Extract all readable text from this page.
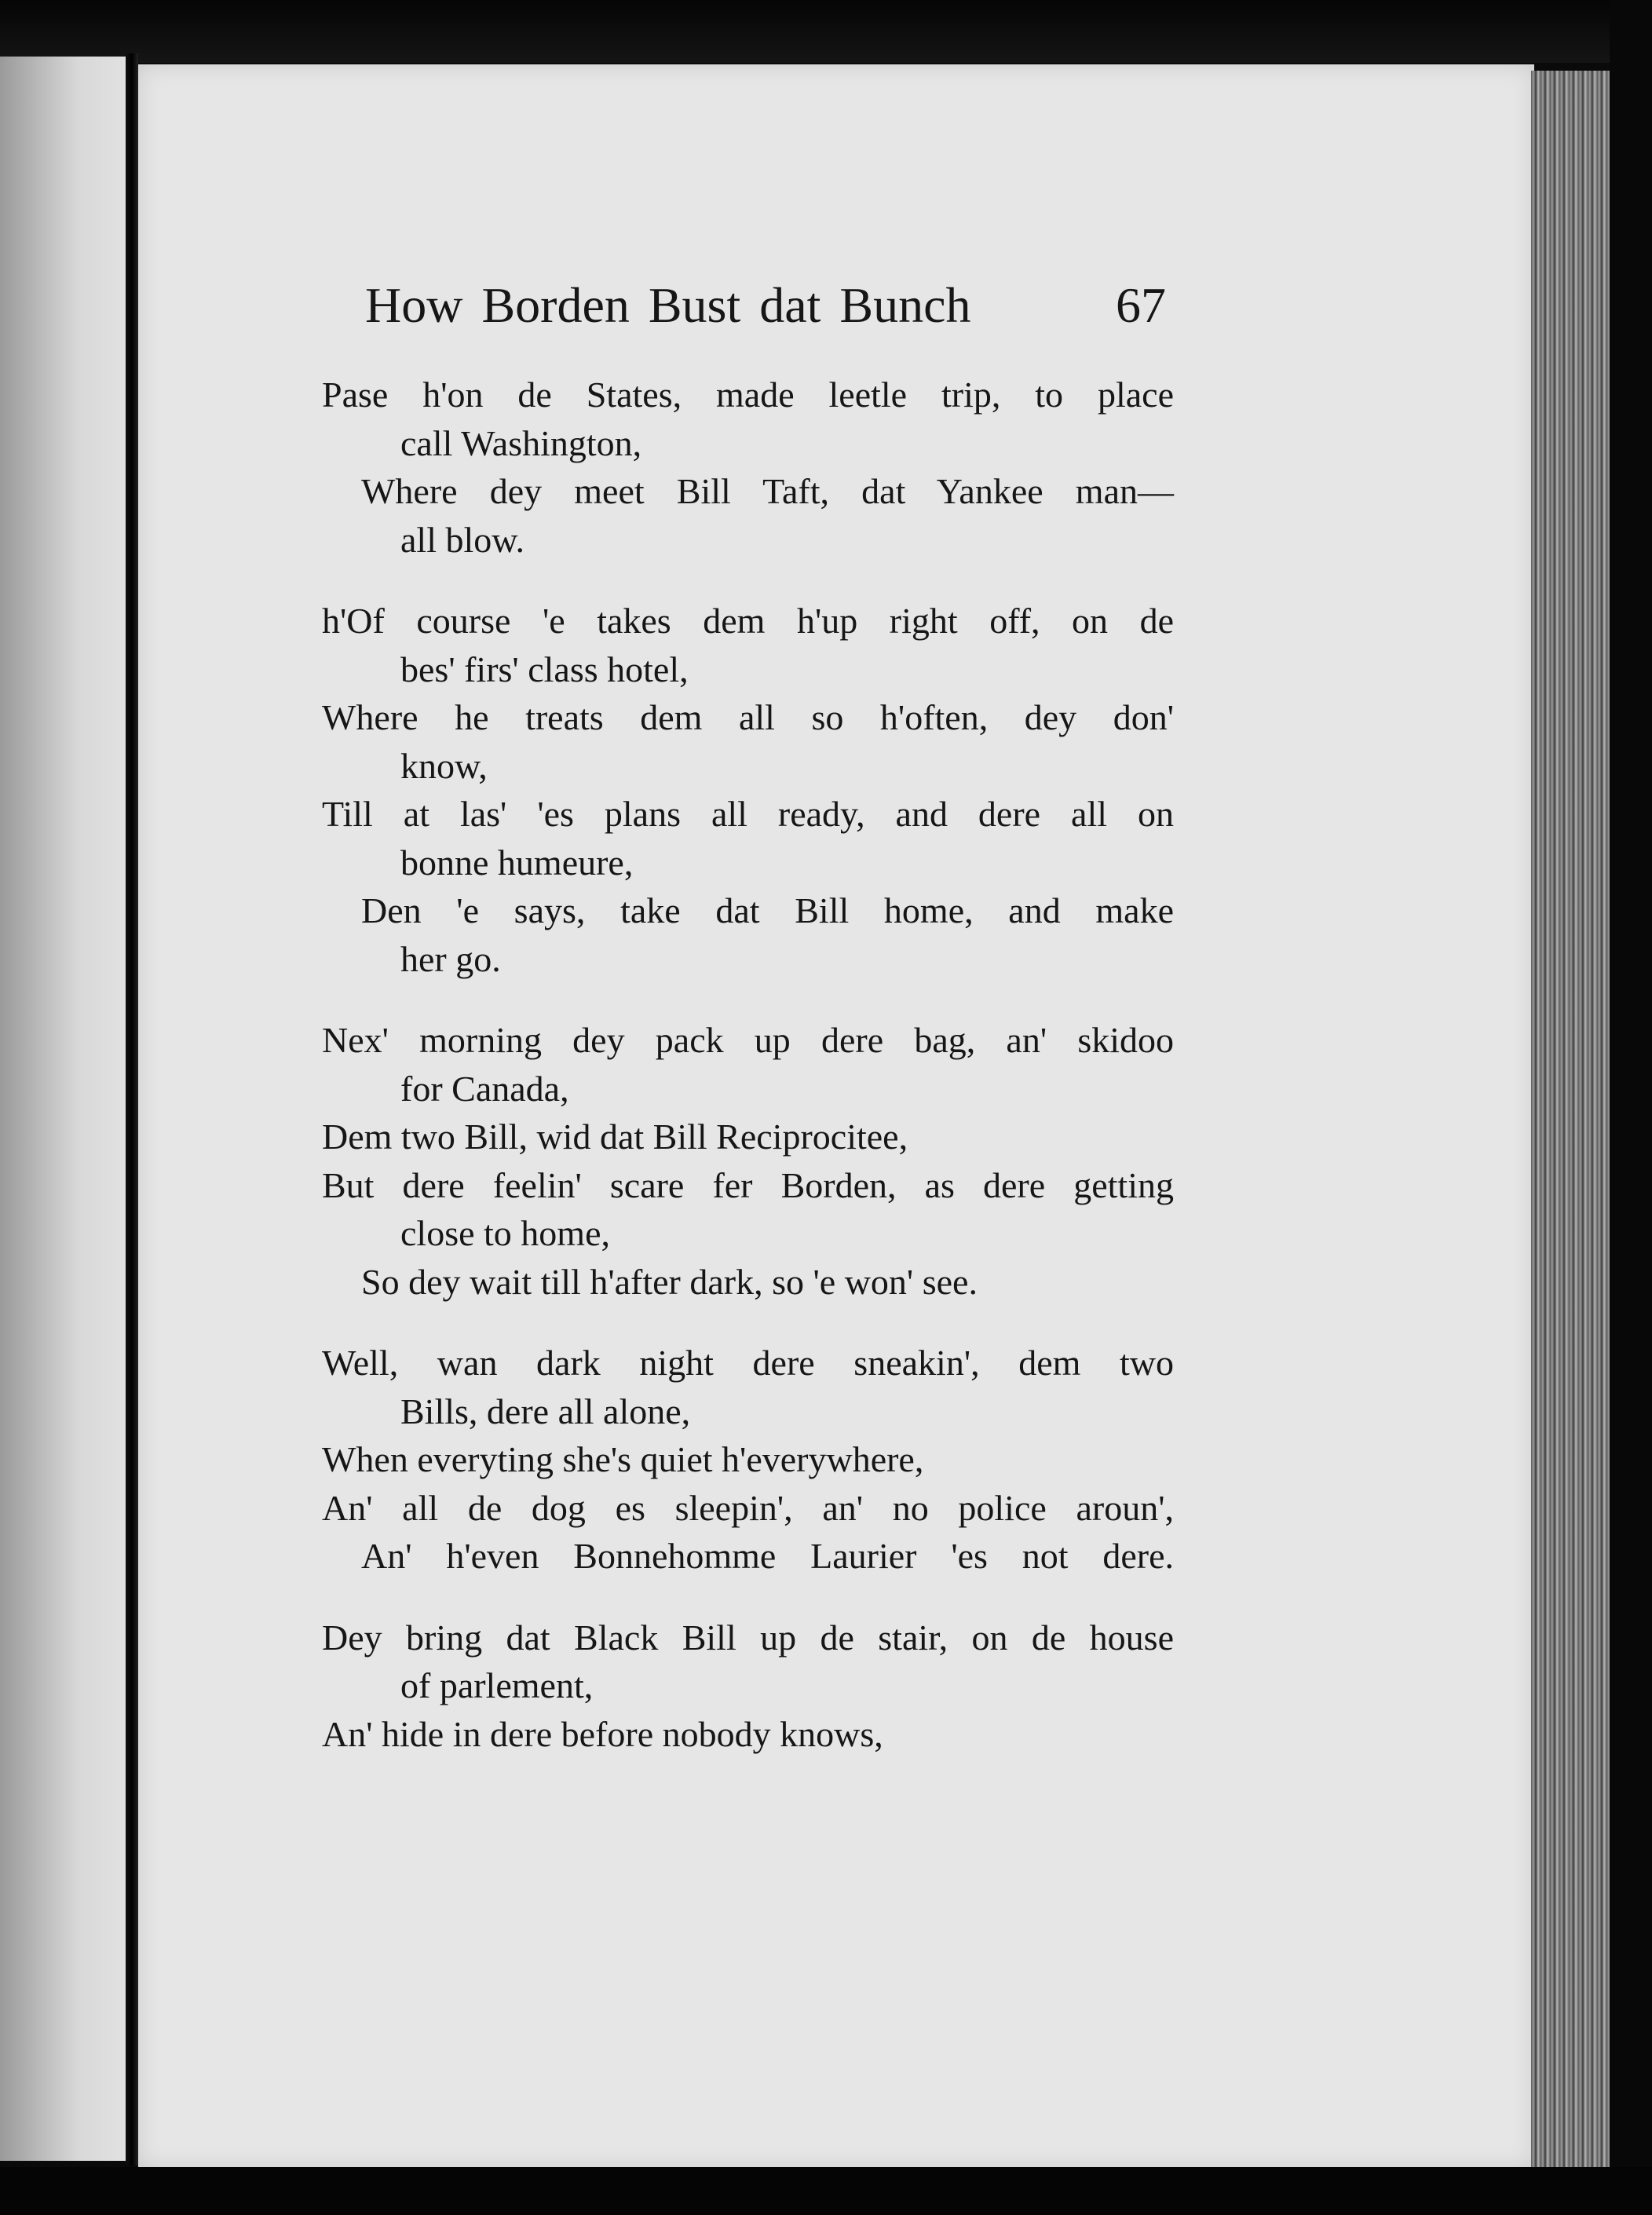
How Borden Bust dat Bunch	67
Pase h'on de States, made leetle trip, to place
call Washington,
Where dey meet Bill Taft, dat Yankee man—
all blow.
h'Of course 'e takes dem h'up right off, on de
bes' firs' class hotel,
Where he treats dem all so h'often, dey don'
know,
Till at las' 'es plans all ready, and dere all on
bonne humeure,
Den 'e says, take dat Bill home, and make
her go.
Nex' morning dey pack up dere bag, an' skidoo
for Canada,
Dem two Bill, wid dat Bill Reciprocitee,
But dere feelin' scare fer Borden, as dere getting
close to home,
So dey wait till h'after dark, so 'e won' see.
Well, wan dark night dere sneakin', dem two
Bills, dere all alone,
When everyting she's quiet h'everywhere,
An' all de dog es sleepin', an' no police aroun',
An' h'even Bonnehomme Laurier 'es not dere.
Dey bring dat Black Bill up de stair, on de house
of parlement,
An' hide in dere before nobody knows,
